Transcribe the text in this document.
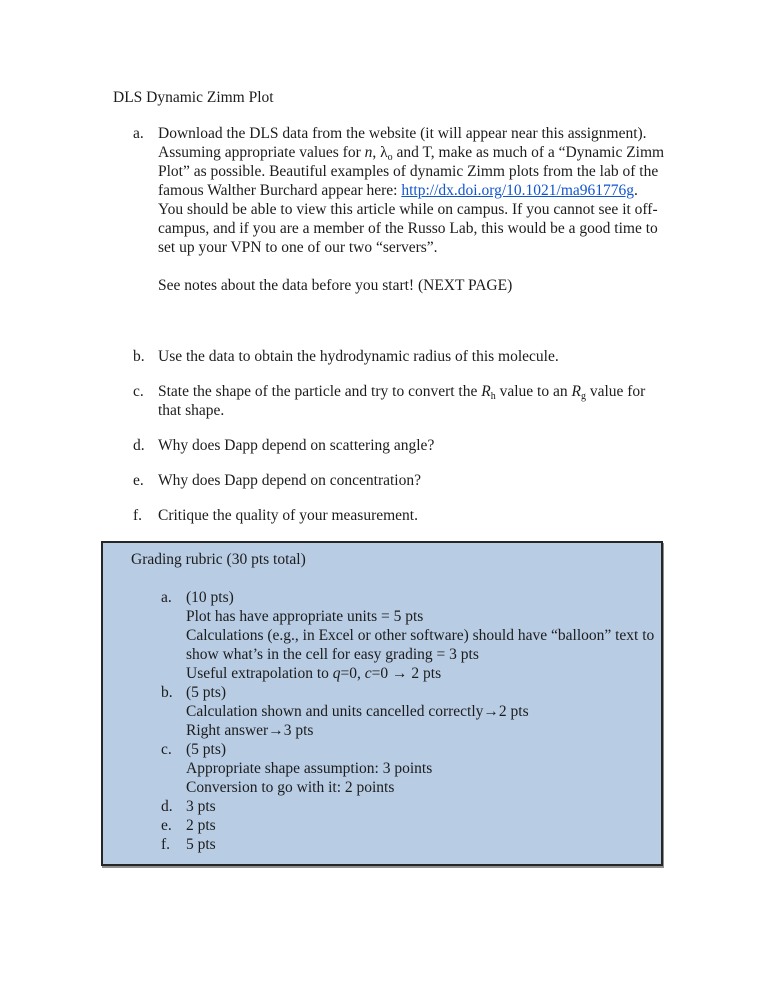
DLS Dynamic Zimm Plot
a. Download the DLS data from the website (it will appear near this assignment).
Assuming appropriate values for n, $\lambda_o$ and T, make as much of a “Dynamic Zimm
Plot” as possible. Beautiful examples of dynamic Zimm plots from the lab of the
famous Walther Burchard appear here: http://dx.doi.org/10.1021/ma961776g.
You should be able to view this article while on campus. If you cannot see it off-
campus, and if you are a member of the Russo Lab, this would be a good time to
set up your VPN to one of our two “servers”.
See notes about the data before you start! (NEXT PAGE)
b. Use the data to obtain the hydrodynamic radius of this molecule.
c. State the shape of the particle and try to convert the $R_h$ value to an $R_g$ value for
that shape.
d. Why does Dapp depend on scattering angle?
e. Why does Dapp depend on concentration?
f.	Critique the quality of your measurement.
Grading rubric (30 pts total)
a. (10 pts)
Plot has have appropriate units = 5 pts
Calculations (e.g., in Excel or other software) should have “balloon” text to
show what’s in the cell for easy grading = 3 pts
Useful extrapolation to q=0, c=0 → 2 pts
b. (5 pts)
Calculation shown and units cancelled correctly→2 pts
Right answer→3 pts
c. (5 pts)
Appropriate shape assumption: 3 points
Conversion to go with it: 2 points
d. 3 pts
e. 2 pts
f.	5 pts
